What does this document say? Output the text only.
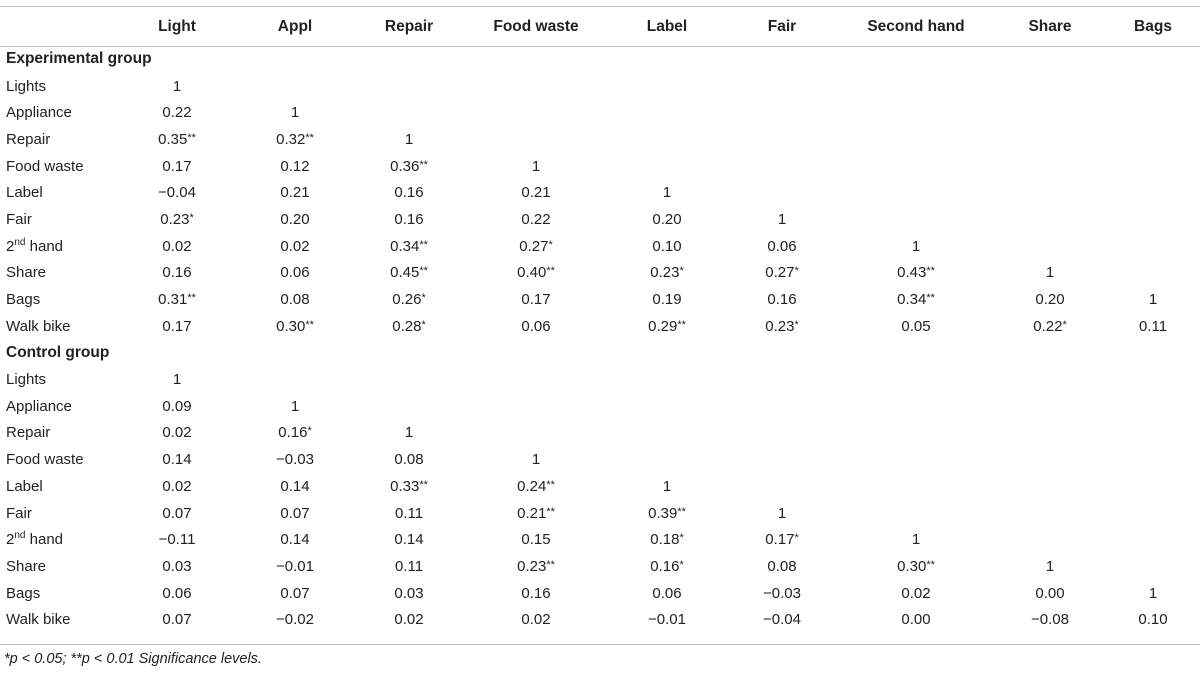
	Light	Appl	Repair	Food waste	Label	Fair	Second hand	Share	Bags
Experimental group									
Lights	1								
Appliance	0.22	1							
Repair	0.35**	0.32**	1						
Food waste	0.17	0.12	0.36**	1					
Label	−0.04	0.21	0.16	0.21	1				
Fair	0.23*	0.20	0.16	0.22	0.20	1			
2nd hand	0.02	0.02	0.34**	0.27*	0.10	0.06	1		
Share	0.16	0.06	0.45**	0.40**	0.23*	0.27*	0.43**	1	
Bags	0.31**	0.08	0.26*	0.17	0.19	0.16	0.34**	0.20	1
Walk bike	0.17	0.30**	0.28*	0.06	0.29**	0.23*	0.05	0.22*	0.11
Control group									
Lights	1								
Appliance	0.09	1							
Repair	0.02	0.16*	1						
Food waste	0.14	−0.03	0.08	1					
Label	0.02	0.14	0.33**	0.24**	1				
Fair	0.07	0.07	0.11	0.21**	0.39**	1			
2nd hand	−0.11	0.14	0.14	0.15	0.18*	0.17*	1		
Share	0.03	−0.01	0.11	0.23**	0.16*	0.08	0.30**	1	
Bags	0.06	0.07	0.03	0.16	0.06	−0.03	0.02	0.00	1
Walk bike	0.07	−0.02	0.02	0.02	−0.01	−0.04	0.00	−0.08	0.10
*p < 0.05; **p < 0.01 Significance levels.
